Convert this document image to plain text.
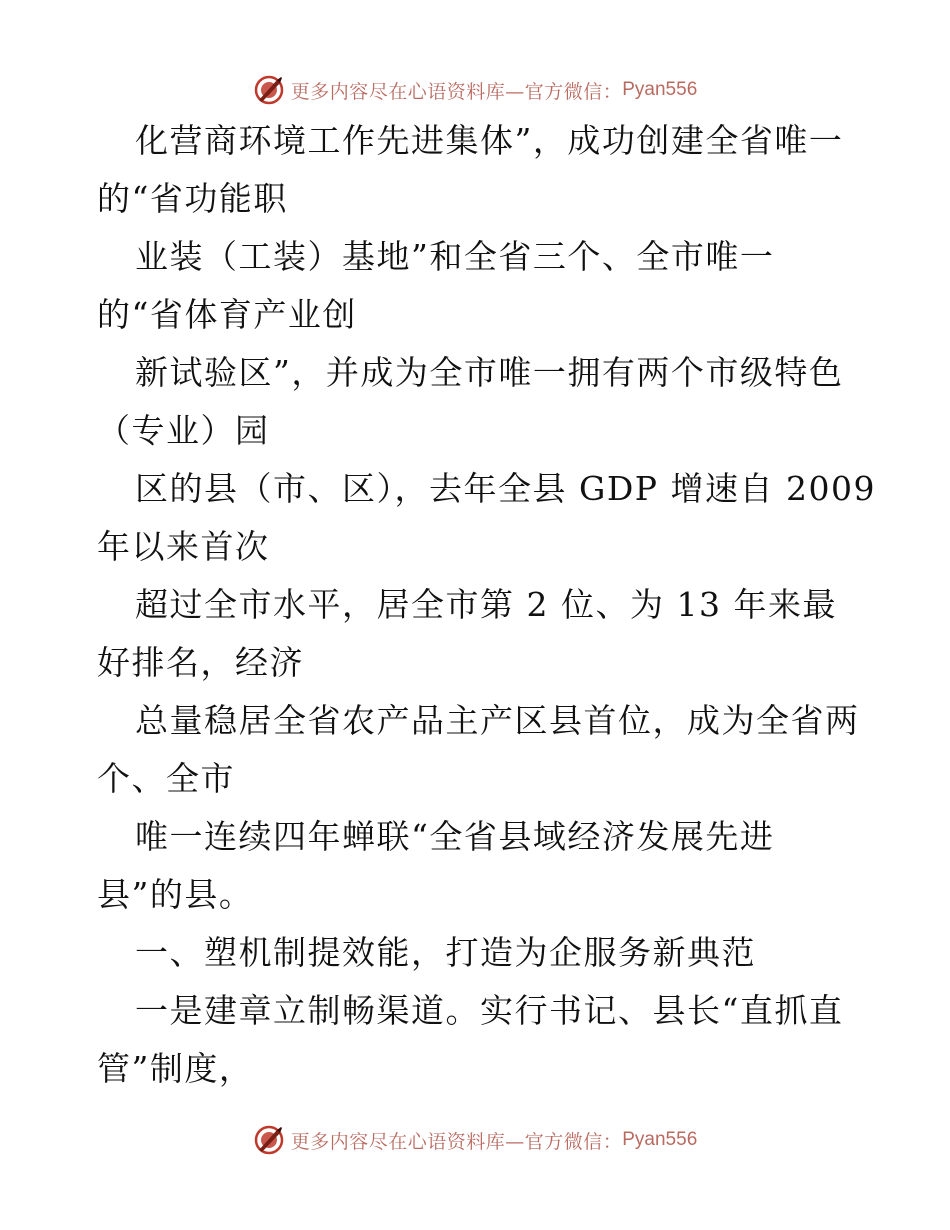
更多内容尽在心语资料库—官方微信： Pyan556
化营商环境工作先进集体”，成功创建全省唯一
的“省功能职
业装（工装）基地”和全省三个、全市唯一
的“省体育产业创
新试验区”，并成为全市唯一拥有两个市级特色
（专业）园
区的县（市、区），去年全县 GDP 增速自 2009
年以来首次
超过全市水平，居全市第 2 位、为 13 年来最
好排名，经济
总量稳居全省农产品主产区县首位，成为全省两
个、全市
唯一连续四年蝉联“全省县域经济发展先进
县”的县。
一、塑机制提效能，打造为企服务新典范
一是建章立制畅渠道。实行书记、县长“直抓直
管”制度，
更多内容尽在心语资料库—官方微信： Pyan556
